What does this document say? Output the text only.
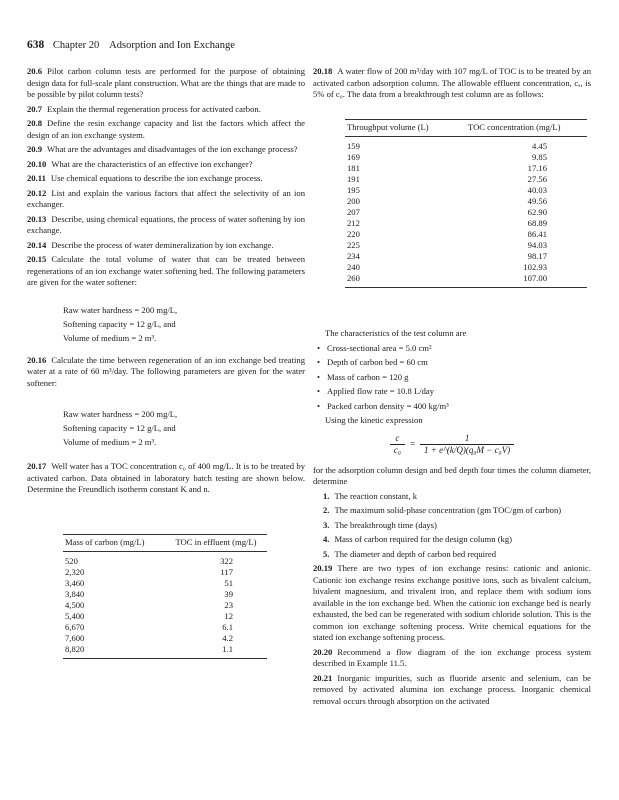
638 Chapter 20 Adsorption and Ion Exchange

20.6 Pilot carbon column tests are performed for the purpose of obtaining design data for full-scale plant construction. What are the things that are made to be possible by pilot column tests?

20.7 Explain the thermal regeneration process for activated carbon.

20.8 Define the resin exchange capacity and list the factors which affect the design of an ion exchange system.

20.9 What are the advantages and disadvantages of the ion exchange process?

20.10 What are the characteristics of an effective ion exchanger?

20.11 Use chemical equations to describe the ion exchange process.

20.12 List and explain the various factors that affect the selectivity of an ion exchanger.

20.13 Describe, using chemical equations, the process of water softening by ion exchange.

20.14 Describe the process of water demineralization by ion exchange.

20.15 Calculate the total volume of water that can be treated between regenerations of an ion exchange water softening bed. The following parameters are given for the water softener:

Raw water hardness = 200 mg/L,
Softening capacity = 12 g/L, and
Volume of medium = 2 m³.

20.16 Calculate the time between regeneration of an ion exchange bed treating water at a rate of 60 m³/day. The following parameters are given for the water softener:

Raw water hardness = 200 mg/L,
Softening capacity = 12 g/L, and
Volume of medium = 2 m³.

20.17 Well water has a TOC concentration c₀ of 400 mg/L. It is to be treated by activated carbon. Data obtained in laboratory batch testing are shown below. Determine the Freundlich isotherm constant K and n.

Mass of carbon (mg/L)	TOC in effluent (mg/L)
520	322
2,320	117
3,460	51
3,840	39
4,500	23
5,400	12
6,670	6.1
7,600	4.2
8,820	1.1

20.18 A water flow of 200 m³/day with 107 mg/L of TOC is to be treated by an activated carbon adsorption column. The allowable effluent concentration, cₐ, is 5% of c₀. The data from a breakthrough test column are as follows:

Throughput volume (L)	TOC concentration (mg/L)
159	4.45
169	9.85
181	17.16
191	27.56
195	40.03
200	49.56
207	62.90
212	68.89
220	86.41
225	94.03
234	98.17
240	102.93
260	107.00

The characteristics of the test column are

• Cross-sectional area = 5.0 cm²
• Depth of carbon bed = 60 cm
• Mass of carbon = 120 g
• Applied flow rate = 10.8 L/day
• Packed carbon density = 400 kg/m³

Using the kinetic expression

$\frac{c}{\text{c₀}} = \frac{1}{\text{1 + e\textasciicircum{}(k/Q)(q₀M − c₀V)}}$

for the adsorption column design and bed depth four times the column diameter, determine

1. The reaction constant, k
2. The maximum solid-phase concentration (gm TOC/gm of carbon)
3. The breakthrough time (days)
4. Mass of carbon required for the design column (kg)
5. The diameter and depth of carbon bed required

20.19 There are two types of ion exchange resins: cationic and anionic. Cationic ion exchange resins exchange positive ions, such as bivalent calcium, bivalent magnesium, and trivalent iron, and replace them with sodium ions available in the ion exchange bed. When the cationic ion exchange bed is nearly exhausted, the bed can be regenerated with sodium chloride solution. This is the common ion exchange softening process. Write chemical equations for the stated ion exchange softening process.

20.20 Recommend a flow diagram of the ion exchange process system described in Example 11.5.

20.21 Inorganic impurities, such as fluoride arsenic and selenium, can be removed by activated alumina ion exchange process. Inorganic chemical removal occurs through absorption on the activated
